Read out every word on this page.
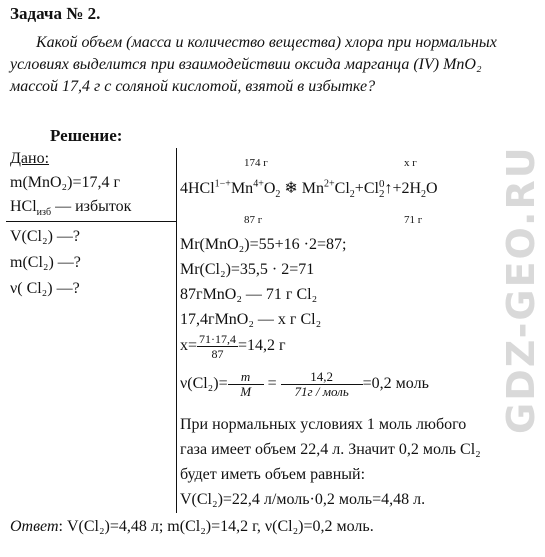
GDZ-GEO.RU
Задача № 2.
Какой объем (масса и количество вещества) хлора при нормальных условиях выделится при взаимодействии оксида марганца (IV) MnO₂ массой 17,4 г с соляной кислотой, взятой в избытке?
Решение:
Дано:
m(MnO₂)=17,4 г
HCl$_{изб}$ — избыток
V(Cl₂) —?
m(Cl₂) —?
ν( Cl₂) —?
174 г	x г
$4HCl^{1-+}Mn^{4+}O_2$ ❄ $Mn^{2+}Cl_2+Cl$ 0
2 $↑+2H_2O$
87 г	71 г
Mr(MnO₂)=55+16 ·2=87;
Mr(Cl₂)=35,5 · 2=71
87гMnO₂ — 71 г Cl₂
17,4гMnO₂ — x г Cl₂
$x= \frac{71\cdot 17,4}{87} =14,2$ г
$\nu(Cl_2)= \frac{m}{M} = \frac{14,2}{\text{71г / моль}} =0,2$ моль
При нормальных условиях 1 моль любого
газа имеет объем 22,4 л. Значит 0,2 моль Cl₂
будет иметь объем равный:
V(Cl₂)=22,4 л/моль·0,2 моль=4,48 л.
Ответ: V(Cl₂)=4,48 л; m(Cl₂)=14,2 г, ν(Cl₂)=0,2 моль.
